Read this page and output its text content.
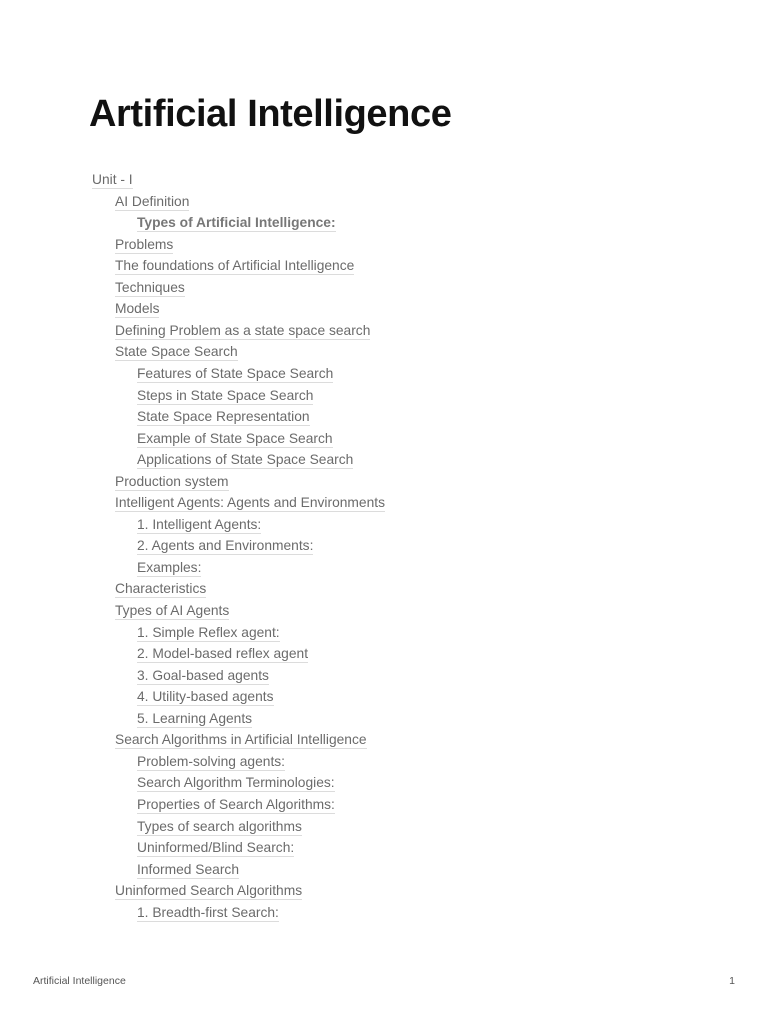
Artificial Intelligence
Unit - I
AI Definition
Types of Artificial Intelligence:
Problems
The foundations of Artificial Intelligence
Techniques
Models
Defining Problem as a state space search
State Space Search
Features of State Space Search
Steps in State Space Search
State Space Representation
Example of State Space Search
Applications of State Space Search
Production system
Intelligent Agents: Agents and Environments
1. Intelligent Agents:
2. Agents and Environments:
Examples:
Characteristics
Types of AI Agents
1. Simple Reflex agent:
2. Model-based reflex agent
3. Goal-based agents
4. Utility-based agents
5. Learning Agents
Search Algorithms in Artificial Intelligence
Problem-solving agents:
Search Algorithm Terminologies:
Properties of Search Algorithms:
Types of search algorithms
Uninformed/Blind Search:
Informed Search
Uninformed Search Algorithms
1. Breadth-first Search:
Artificial Intelligence	1
